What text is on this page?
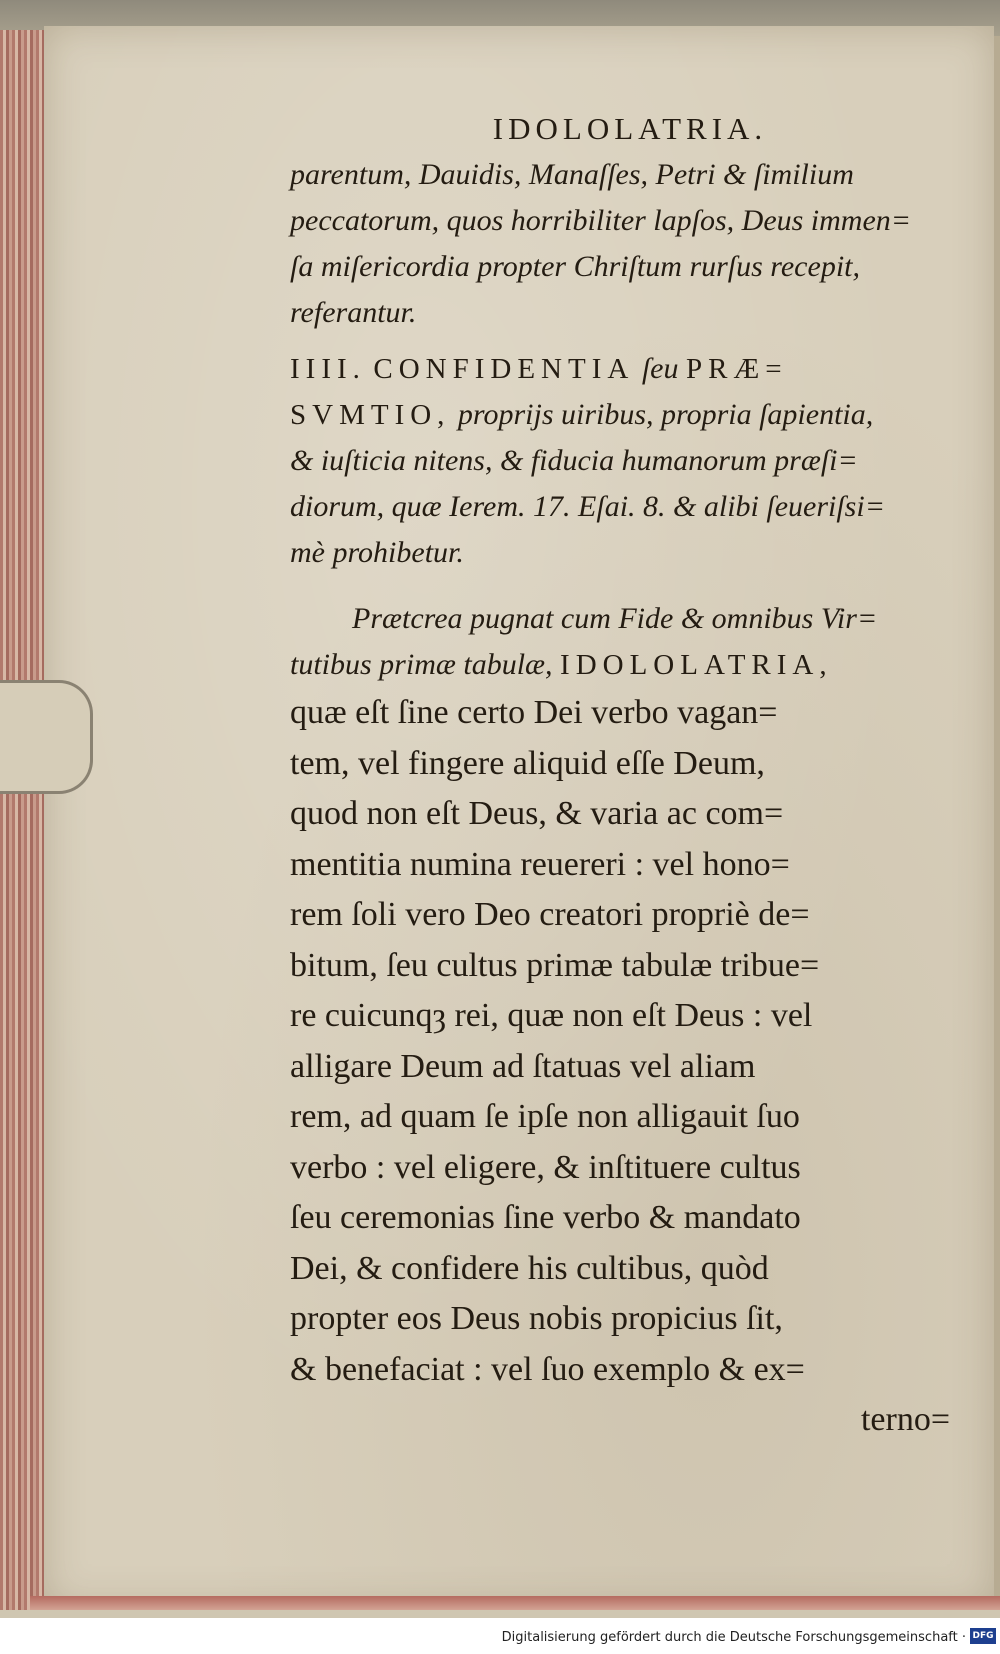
IDOLOLATRIA.

parentum, Dauidis, Manaſſes, Petri & ſimilium
peccatorum, quos horribiliter lapſos, Deus immen=
ſa miſericordia propter Chriſtum rurſus recepit,
referantur.

IIII. CONFIDENTIA ſeu PRÆ=
SVMTIO, proprijs uiribus, propria ſapientia,
& iuſticia nitens, & fiducia humanorum præſi=
diorum, quæ Ierem. 17. Eſai. 8. & alibi ſeueriſsi=
mè prohibetur.

Prætcrea pugnat cum Fide & omnibus Vir=
tutibus primæ tabulæ, IDOLOLATRIA,
quæ eſt ſine certo Dei verbo vagan=
tem, vel fingere aliquid eſſe Deum,
quod non eſt Deus, & varia ac com=
mentitia numina reuereri : vel hono=
rem ſoli vero Deo creatori propriè de=
bitum, ſeu cultus primæ tabulæ tribue=
re cuicunqȝ rei, quæ non eſt Deus : vel
alligare Deum ad ſtatuas vel aliam
rem, ad quam ſe ipſe non alligauit ſuo
verbo : vel eligere, & inſtituere cultus
ſeu ceremonias ſine verbo & mandato
Dei, & confidere his cultibus, quòd
propter eos Deus nobis propicius ſit,
& benefaciat : vel ſuo exemplo & ex=
terno=
Digitalisierung gefördert durch die Deutsche Forschungsgemeinschaft · DFG
